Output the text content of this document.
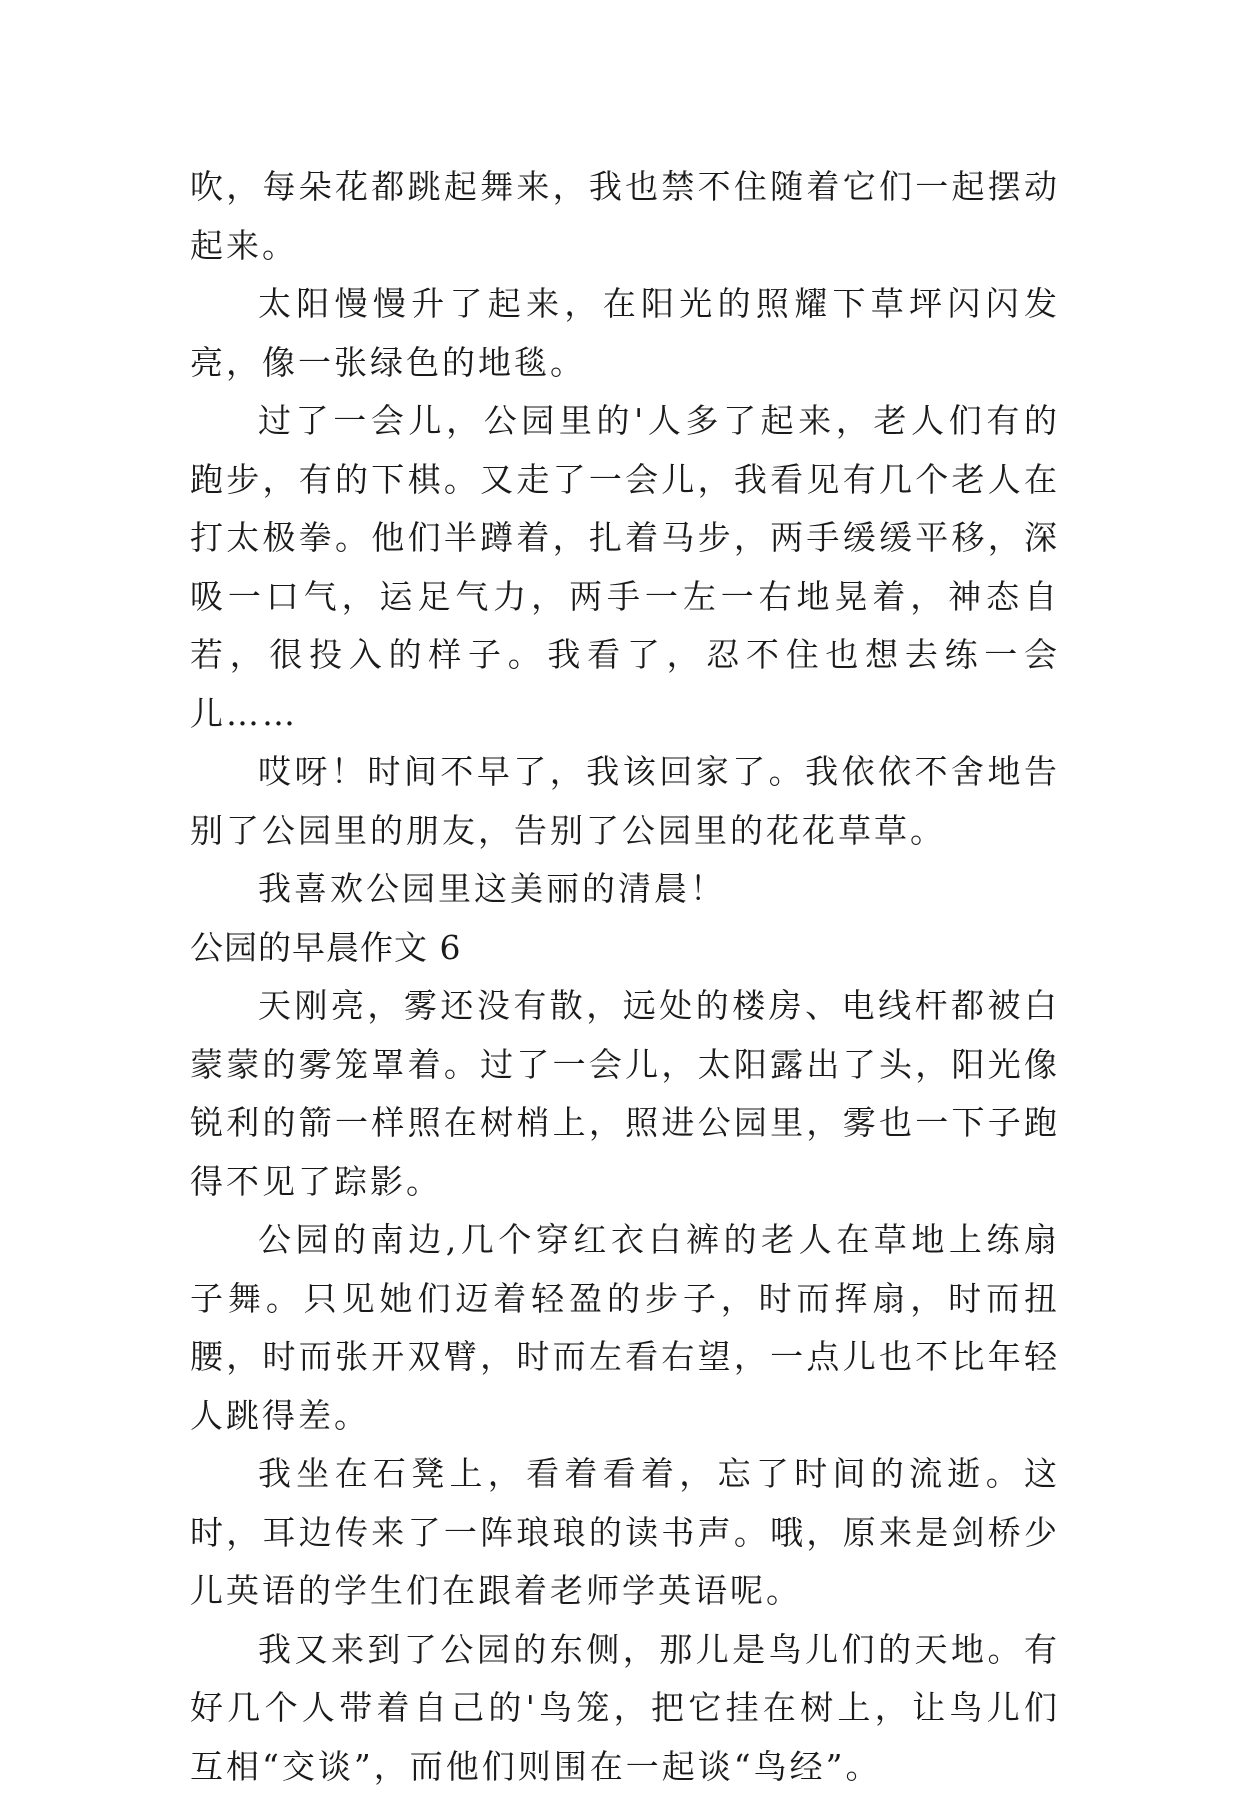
吹，每朵花都跳起舞来，我也禁不住随着它们一起摆动起来。

太阳慢慢升了起来，在阳光的照耀下草坪闪闪发亮，像一张绿色的地毯。

过了一会儿，公园里的'人多了起来，老人们有的跑步，有的下棋。又走了一会儿，我看见有几个老人在打太极拳。他们半蹲着，扎着马步，两手缓缓平移，深吸一口气，运足气力，两手一左一右地晃着，神态自若，很投入的样子。我看了，忍不住也想去练一会儿……

哎呀！时间不早了，我该回家了。我依依不舍地告别了公园里的朋友，告别了公园里的花花草草。

我喜欢公园里这美丽的清晨！

公园的早晨作文 6

天刚亮，雾还没有散，远处的楼房、电线杆都被白蒙蒙的雾笼罩着。过了一会儿，太阳露出了头，阳光像锐利的箭一样照在树梢上，照进公园里，雾也一下子跑得不见了踪影。

公园的南边,几个穿红衣白裤的老人在草地上练扇子舞。只见她们迈着轻盈的步子，时而挥扇，时而扭腰，时而张开双臂，时而左看右望，一点儿也不比年轻人跳得差。

我坐在石凳上，看着看着，忘了时间的流逝。这时，耳边传来了一阵琅琅的读书声。哦，原来是剑桥少儿英语的学生们在跟着老师学英语呢。

我又来到了公园的东侧，那儿是鸟儿们的天地。有好几个人带着自己的'鸟笼，把它挂在树上，让鸟儿们互相“交谈”，而他们则围在一起谈“鸟经”。
